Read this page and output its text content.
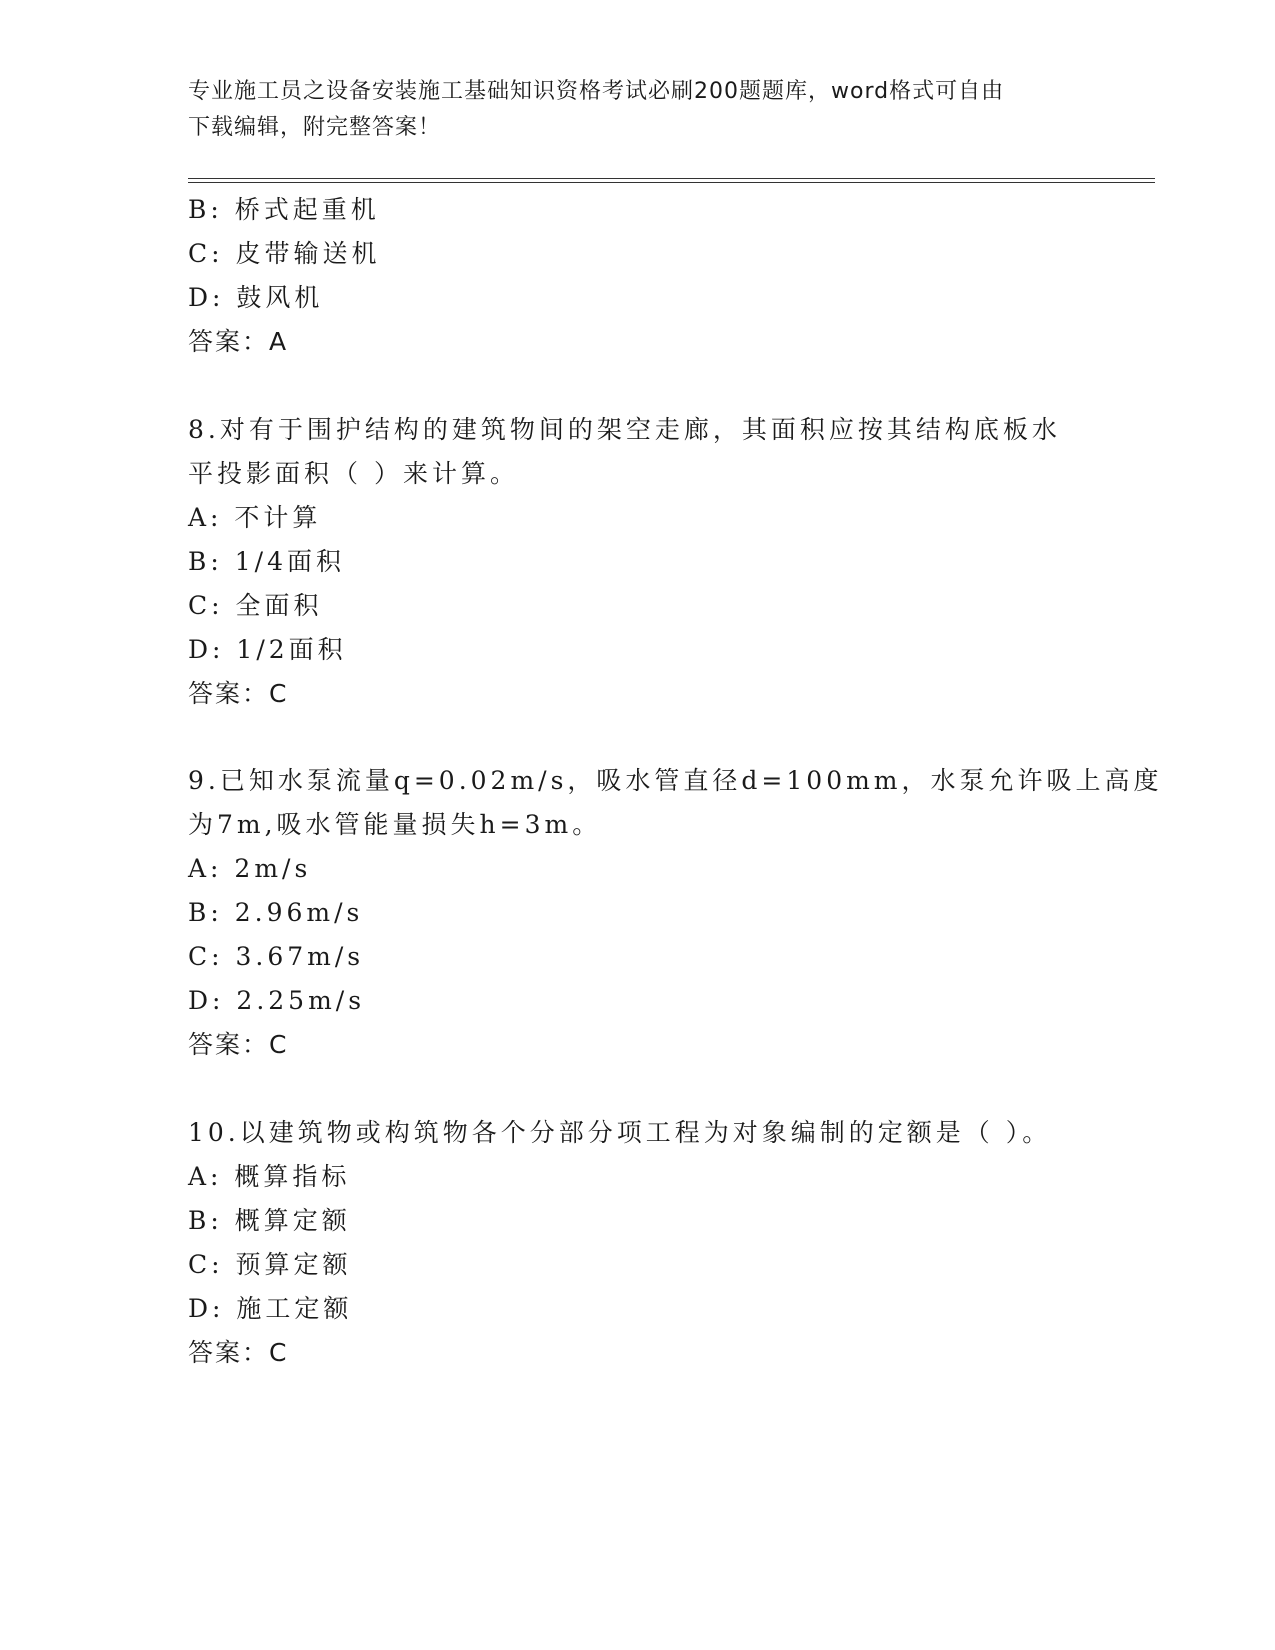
专业施工员之设备安装施工基础知识资格考试必刷200题题库，word格式可自由
下载编辑，附完整答案！
B: 桥式起重机
C: 皮带输送机
D: 鼓风机
答案：A
8.对有于围护结构的建筑物间的架空走廊，其面积应按其结构底板水
平投影面积（ ）来计算。
A: 不计算
B: 1/4面积
C: 全面积
D: 1/2面积
答案：C
9.已知水泵流量q=0.02m/s，吸水管直径d=100mm，水泵允许吸上高度
为7m,吸水管能量损失h=3m。
A: 2m/s
B: 2.96m/s
C: 3.67m/s
D: 2.25m/s
答案：C
10.以建筑物或构筑物各个分部分项工程为对象编制的定额是（ ）。
A: 概算指标
B: 概算定额
C: 预算定额
D: 施工定额
答案：C
